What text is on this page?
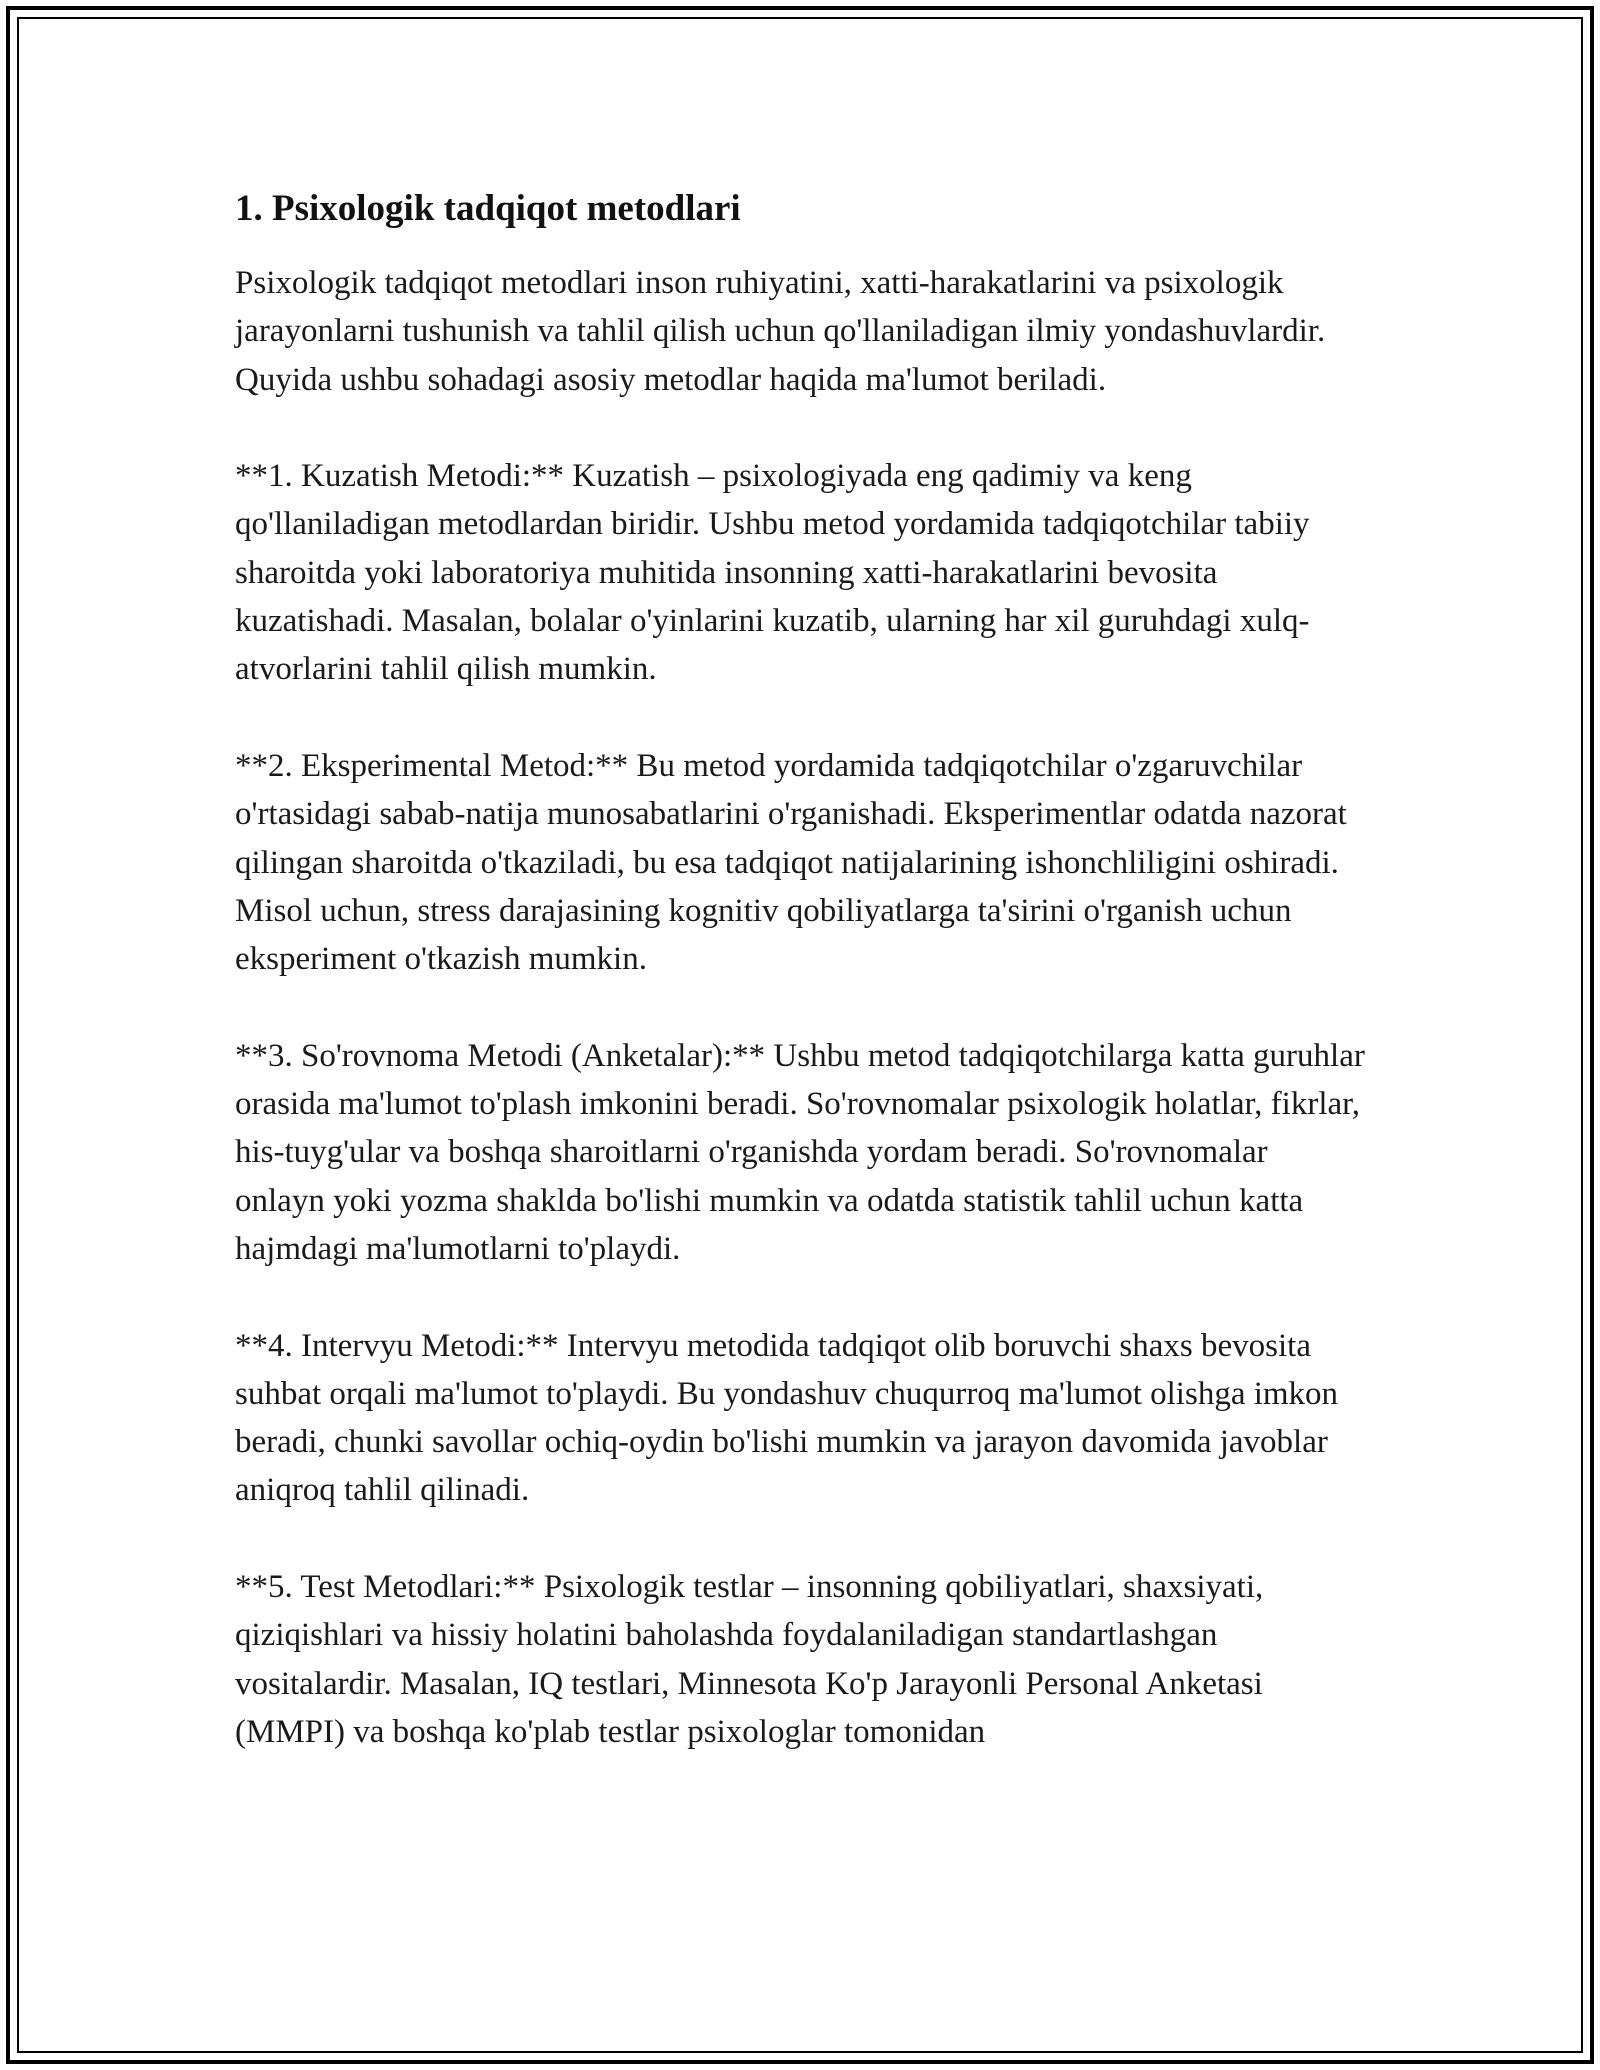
1. Psixologik tadqiqot metodlari

Psixologik tadqiqot metodlari inson ruhiyatini, xatti-harakatlarini va psixologik jarayonlarni tushunish va tahlil qilish uchun qo'llaniladigan ilmiy yondashuvlardir. Quyida ushbu sohadagi asosiy metodlar haqida ma'lumot beriladi.

**1. Kuzatish Metodi:** Kuzatish – psixologiyada eng qadimiy va keng qo'llaniladigan metodlardan biridir. Ushbu metod yordamida tadqiqotchilar tabiiy sharoitda yoki laboratoriya muhitida insonning xatti-harakatlarini bevosita kuzatishadi. Masalan, bolalar o'yinlarini kuzatib, ularning har xil guruhdagi xulq-atvorlarini tahlil qilish mumkin.

**2. Eksperimental Metod:** Bu metod yordamida tadqiqotchilar o'zgaruvchilar o'rtasidagi sabab-natija munosabatlarini o'rganishadi. Eksperimentlar odatda nazorat qilingan sharoitda o'tkaziladi, bu esa tadqiqot natijalarining ishonchliligini oshiradi. Misol uchun, stress darajasining kognitiv qobiliyatlarga ta'sirini o'rganish uchun eksperiment o'tkazish mumkin.

**3. So'rovnoma Metodi (Anketalar):** Ushbu metod tadqiqotchilarga katta guruhlar orasida ma'lumot to'plash imkonini beradi. So'rovnomalar psixologik holatlar, fikrlar, his-tuyg'ular va boshqa sharoitlarni o'rganishda yordam beradi. So'rovnomalar onlayn yoki yozma shaklda bo'lishi mumkin va odatda statistik tahlil uchun katta hajmdagi ma'lumotlarni to'playdi.

**4. Intervyu Metodi:** Intervyu metodida tadqiqot olib boruvchi shaxs bevosita suhbat orqali ma'lumot to'playdi. Bu yondashuv chuqurroq ma'lumot olishga imkon beradi, chunki savollar ochiq-oydin bo'lishi mumkin va jarayon davomida javoblar aniqroq tahlil qilinadi.

**5. Test Metodlari:** Psixologik testlar – insonning qobiliyatlari, shaxsiyati, qiziqishlari va hissiy holatini baholashda foydalaniladigan standartlashgan vositalardir. Masalan, IQ testlari, Minnesota Ko'p Jarayonli Personal Anketasi (MMPI) va boshqa ko'plab testlar psixologlar tomonidan
